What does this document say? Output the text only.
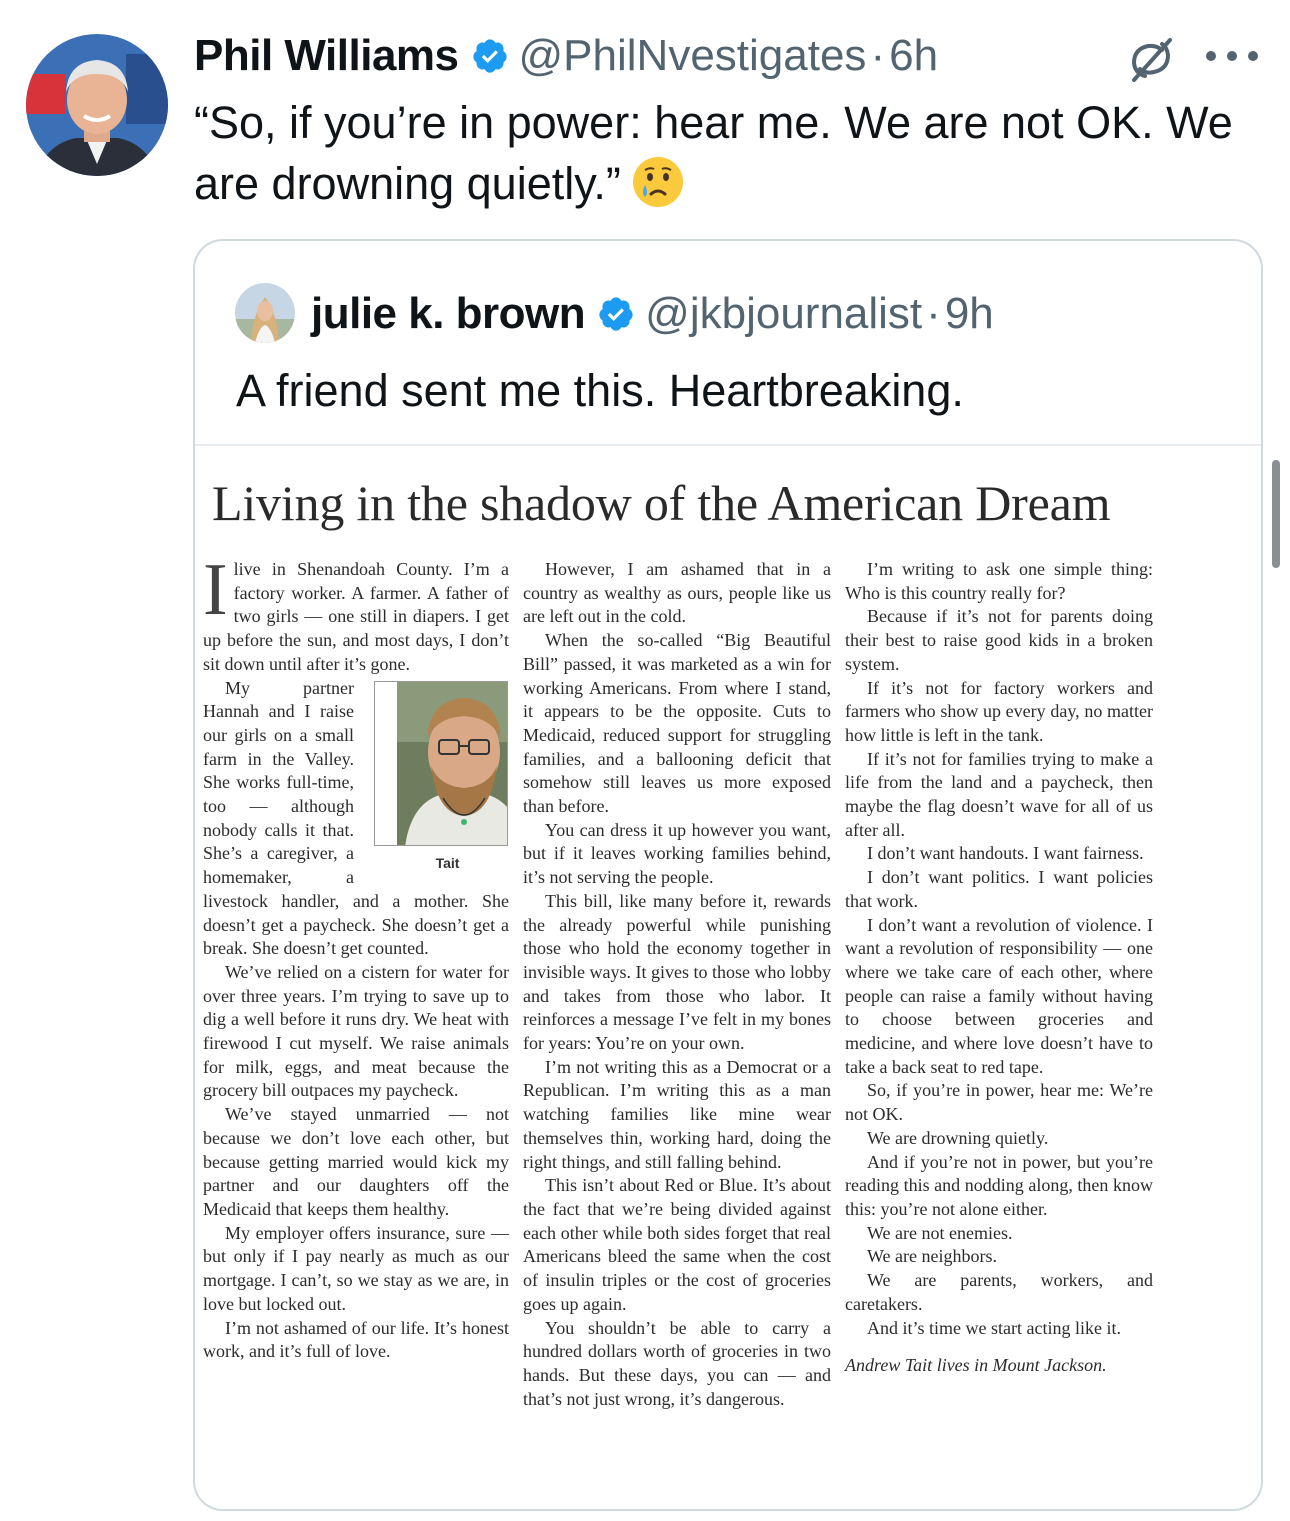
Phil Williams @PhilNvestigates · 6h
“So, if you’re in power: hear me. We are not OK. We are drowning quietly.”
julie k. brown @jkbjournalist · 9h
A friend sent me this. Heartbreaking.
Living in the shadow of the American Dream

Ilive in Shenandoah County. I’m a factory worker. A farmer. A father of two girls — one still in diapers. I get up before the sun, and most days, I don’t sit down until after it’s gone.

Tait
My partner Hannah and I raise our girls on a small farm in the Valley. She works full-time, too — although nobody calls it that. She’s a caregiver, a homemaker, a livestock handler, and a mother. She doesn’t get a paycheck. She doesn’t get a break. She doesn’t get counted.

We’ve relied on a cistern for water for over three years. I’m trying to save up to dig a well before it runs dry. We heat with firewood I cut myself. We raise animals for milk, eggs, and meat because the grocery bill outpaces my paycheck.

We’ve stayed unmarried — not because we don’t love each other, but because getting married would kick my partner and our daughters off the Medicaid that keeps them healthy.

My employer offers insurance, sure — but only if I pay nearly as much as our mortgage. I can’t, so we stay as we are, in love but locked out.

I’m not ashamed of our life. It’s honest work, and it’s full of love.

However, I am ashamed that in a country as wealthy as ours, people like us are left out in the cold.

When the so-called “Big Beautiful Bill” passed, it was marketed as a win for working Americans. From where I stand, it appears to be the opposite. Cuts to Medicaid, reduced support for struggling families, and a ballooning deficit that somehow still leaves us more exposed than before.

You can dress it up however you want, but if it leaves working families behind, it’s not serving the people.

This bill, like many before it, rewards the already powerful while punishing those who hold the economy together in invisible ways. It gives to those who lobby and takes from those who labor. It reinforces a message I’ve felt in my bones for years: You’re on your own.

I’m not writing this as a Democrat or a Republican. I’m writing this as a man watching families like mine wear themselves thin, working hard, doing the right things, and still falling behind.

This isn’t about Red or Blue. It’s about the fact that we’re being divided against each other while both sides forget that real Americans bleed the same when the cost of insulin triples or the cost of groceries goes up again.

You shouldn’t be able to carry a hundred dollars worth of groceries in two hands. But these days, you can — and that’s not just wrong, it’s dangerous.

I’m writing to ask one simple thing: Who is this country really for?

Because if it’s not for parents doing their best to raise good kids in a broken system.

If it’s not for factory workers and farmers who show up every day, no matter how little is left in the tank.

If it’s not for families trying to make a life from the land and a paycheck, then maybe the flag doesn’t wave for all of us after all.

I don’t want handouts. I want fairness.

I don’t want politics. I want policies that work.

I don’t want a revolution of violence. I want a revolution of responsibility — one where we take care of each other, where people can raise a family without having to choose between groceries and medicine, and where love doesn’t have to take a back seat to red tape.

So, if you’re in power, hear me: We’re not OK.

We are drowning quietly.

And if you’re not in power, but you’re reading this and nodding along, then know this: you’re not alone either.

We are not enemies.

We are neighbors.

We are parents, workers, and caretakers.

And it’s time we start acting like it.

Andrew Tait lives in Mount Jackson.
